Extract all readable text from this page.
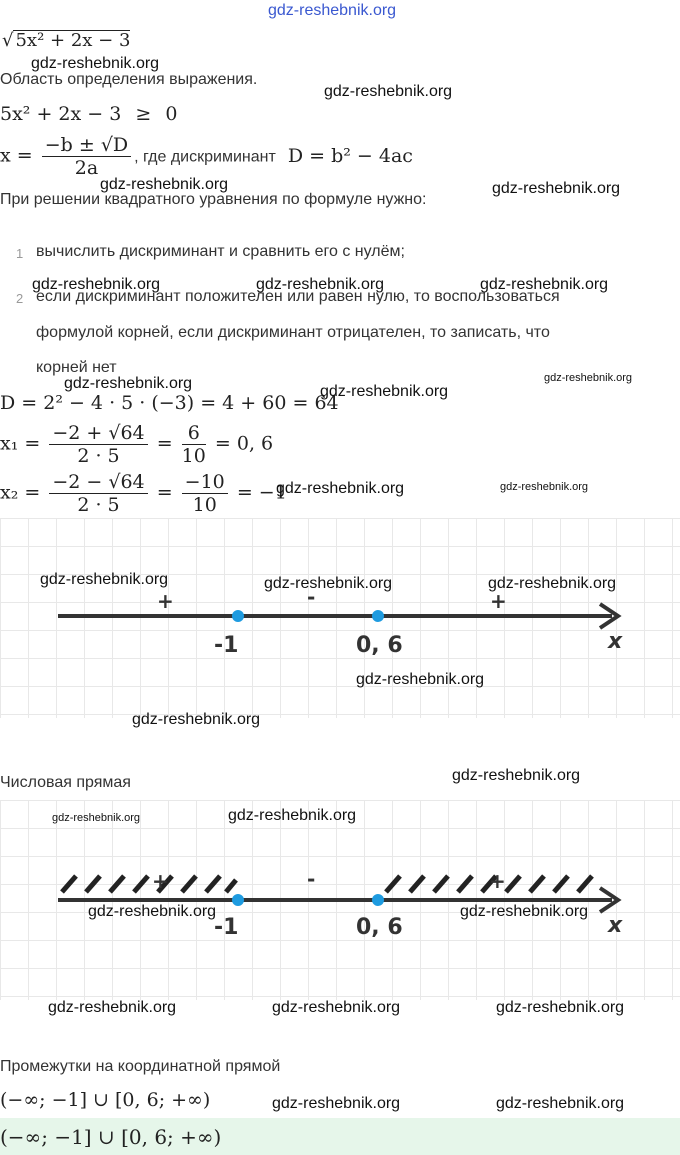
gdz-reshebnik.org
√ 5x² + 2x − 3
gdz-reshebnik.org
Область определения выражения.
gdz-reshebnik.org
5x² + 2x − 3 ≥ 0
$x = \frac{-b \pm √D}{2a}$ , где дискриминант D = b² − 4ac
gdz-reshebnik.org
При решении квадратного уравнения по формуле нужно:
gdz-reshebnik.org
1 вычислить дискриминант и сравнить его с нулём;
gdz-reshebnik.org	gdz-reshebnik.org	gdz-reshebnik.org
2 если дискриминант положителен или равен нулю, то воспользоваться
формулой корней, если дискриминант отрицателен, то записать, что
корней нет
gdz-reshebnik.org	gdz-reshebnik.org
D = 2² − 4 · 5 · (−3) = 4 + 60 = 64
gdz-reshebnik.org
$x_1 = \frac{-2 + √64}{2 \cdot 5} = \frac{6}{10} = 0$, 6
$x_2 = \frac{-2 - √64}{2 \cdot 5} = \frac{-10}{10} = -1$
gdz-reshebnik.org	gdz-reshebnik.org
+	-	+
-1	0, 6	x
gdz-reshebnik.org	gdz-reshebnik.org	gdz-reshebnik.org
gdz-reshebnik.org
gdz-reshebnik.org
Числовая прямая	gdz-reshebnik.org
+	-	+
-1	0, 6	x
gdz-reshebnik.org	gdz-reshebnik.org
gdz-reshebnik.org	gdz-reshebnik.org
gdz-reshebnik.org	gdz-reshebnik.org	gdz-reshebnik.org
Промежутки на координатной прямой
(−∞; −1] ∪ [0, 6; +∞)	gdz-reshebnik.org	gdz-reshebnik.org
(−∞; −1] ∪ [0, 6; +∞)
